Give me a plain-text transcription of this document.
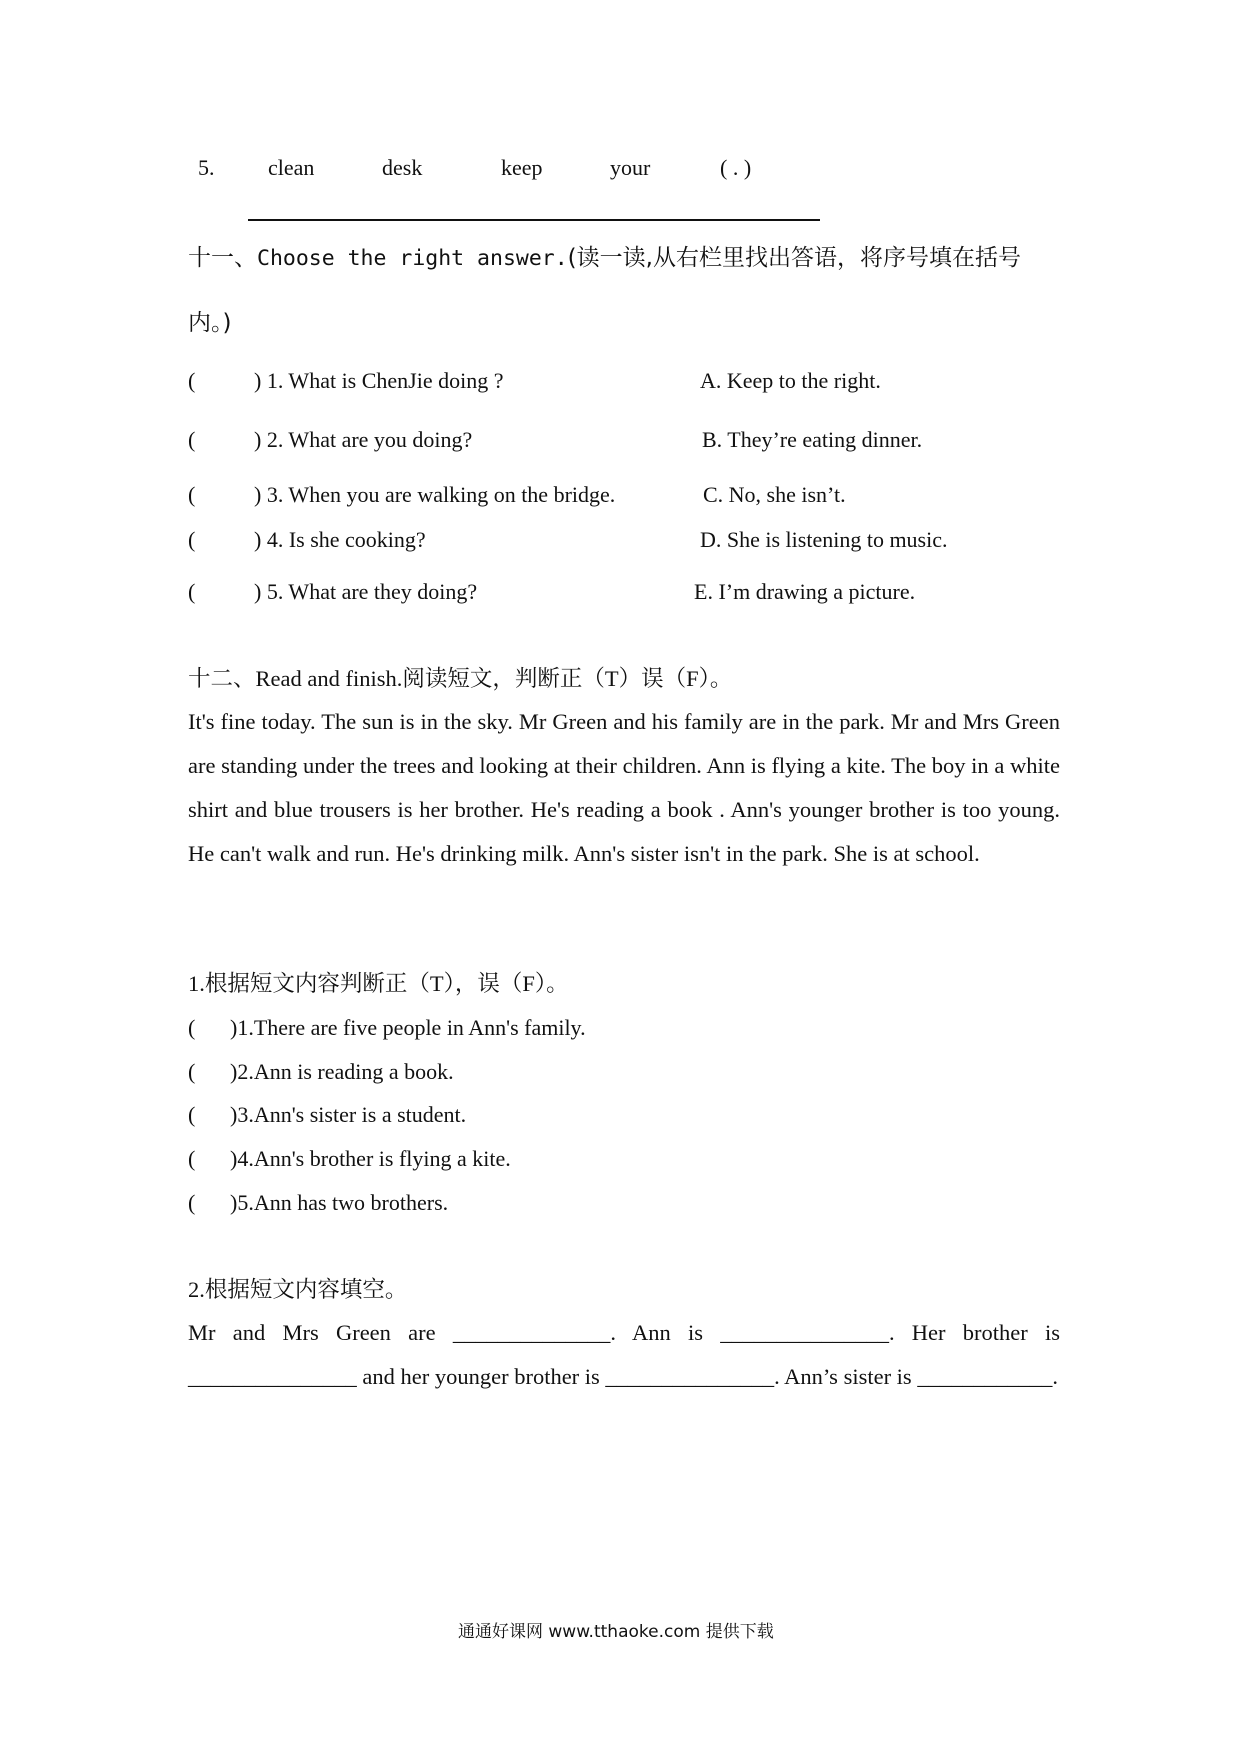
5. clean	desk	keep	your	( . )
十一、Choose the right answer.(读一读,从右栏里找出答语，将序号填在括号
内。)
(	) 1. What is ChenJie doing ?	A. Keep to the right.
(	) 2. What are you doing?	B. They’re eating dinner.
(	) 3. When you are walking on the bridge.	C. No, she isn’t.
(	) 4. Is she cooking?	D. She is listening to music.
(	) 5. What are they doing?	E. I’m drawing a picture.
十二、Read and finish.阅读短文，判断正（T）误（F）。
It's fine today. The sun is in the sky. Mr Green and his family are in the park. Mr and Mrs Green are standing under the trees and looking at their children. Ann is flying a kite. The boy in a white shirt and blue trousers is her brother. He's reading a book . Ann's younger brother is too young. He can't walk and run. He's drinking milk. Ann's sister isn't in the park. She is at school.
1.根据短文内容判断正（T），误（F）。
( )1.There are five people in Ann's family.
( )2.Ann is reading a book.
( )3.Ann's sister is a student.
( )4.Ann's brother is flying a kite.
( )5.Ann has two brothers.
2.根据短文内容填空。
Mr and Mrs Green are ______________. Ann is _______________. Her brother is _______________ and her younger brother is _______________. Ann’s sister is ____________.
通通好课网 www.tthaoke.com 提供下载
